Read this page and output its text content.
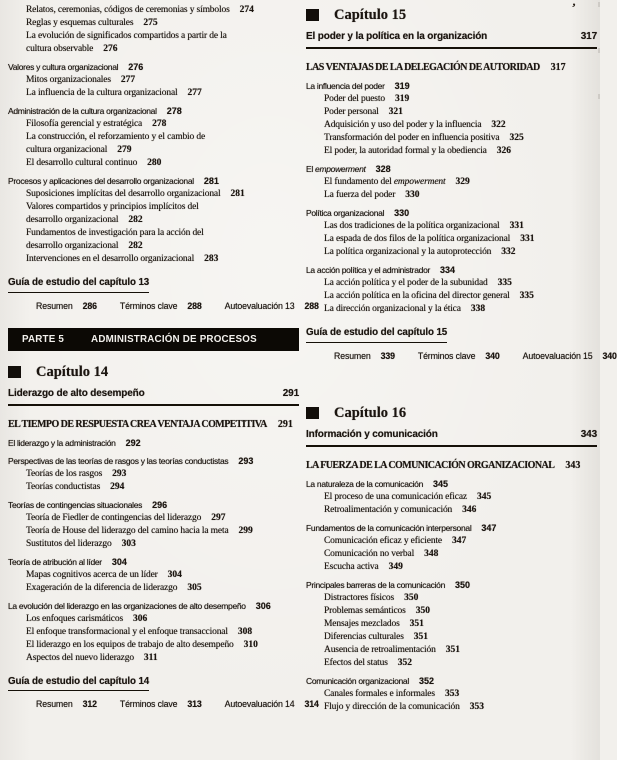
’
Relatos, ceremonias, códigos de ceremonias y símbolos 274
Reglas y esquemas culturales 275
La evolución de significados compartidos a partir de la
cultura observable 276
Valores y cultura organizacional 276
Mitos organizacionales 277
La influencia de la cultura organizacional 277
Administración de la cultura organizacional 278
Filosofía gerencial y estratégica 278
La construcción, el reforzamiento y el cambio de
cultura organizacional 279
El desarrollo cultural continuo 280
Procesos y aplicaciones del desarrollo organizacional 281
Suposiciones implícitas del desarrollo organizacional 281
Valores compartidos y principios implícitos del
desarrollo organizacional 282
Fundamentos de investigación para la acción del
desarrollo organizacional 282
Intervenciones en el desarrollo organizacional 283
Guía de estudio del capítulo 13
Resumen 286	Términos clave 288	Autoevaluación 13 288
PARTE 5	ADMINISTRACIÓN DE PROCESOS
Capítulo 14
Liderazgo de alto desempeño	291
EL TIEMPO DE RESPUESTA CREA VENTAJA COMPETITIVA 291
El liderazgo y la administración 292
Perspectivas de las teorías de rasgos y las teorías conductistas 293
Teorías de los rasgos 293
Teorías conductistas 294
Teorías de contingencias situacionales 296
Teoría de Fiedler de contingencias del liderazgo 297
Teoría de House del liderazgo del camino hacia la meta 299
Sustitutos del liderazgo 303
Teoría de atribución al líder 304
Mapas cognitivos acerca de un líder 304
Exageración de la diferencia de liderazgo 305
La evolución del liderazgo en las organizaciones de alto desempeño 306
Los enfoques carismáticos 306
El enfoque transformacional y el enfoque transaccional 308
El liderazgo en los equipos de trabajo de alto desempeño 310
Aspectos del nuevo liderazgo 311
Guía de estudio del capítulo 14
Resumen 312	Términos clave 313	Autoevaluación 14 314
Capítulo 15
El poder y la política en la organización	317
LAS VENTAJAS DE LA DELEGACIÓN DE AUTORIDAD 317
La influencia del poder 319
Poder del puesto 319
Poder personal 321
Adquisición y uso del poder y la influencia 322
Transformación del poder en influencia positiva 325
El poder, la autoridad formal y la obediencia 326
El empowerment 328
El fundamento del empowerment 329
La fuerza del poder 330
Política organizacional 330
Las dos tradiciones de la política organizacional 331
La espada de dos filos de la política organizacional 331
La política organizacional y la autoprotección 332
La acción política y el administrador 334
La acción política y el poder de la subunidad 335
La acción política en la oficina del director general 335
La dirección organizacional y la ética 338
Guía de estudio del capítulo 15
Resumen 339	Términos clave 340	Autoevaluación 15 340
Capítulo 16
Información y comunicación	343
LA FUERZA DE LA COMUNICACIÓN ORGANIZACIONAL 343
La naturaleza de la comunicación 345
El proceso de una comunicación eficaz 345
Retroalimentación y comunicación 346
Fundamentos de la comunicación interpersonal 347
Comunicación eficaz y eficiente 347
Comunicación no verbal 348
Escucha activa 349
Principales barreras de la comunicación 350
Distractores físicos 350
Problemas semánticos 350
Mensajes mezclados 351
Diferencias culturales 351
Ausencia de retroalimentación 351
Efectos del status 352
Comunicación organizacional 352
Canales formales e informales 353
Flujo y dirección de la comunicación 353
